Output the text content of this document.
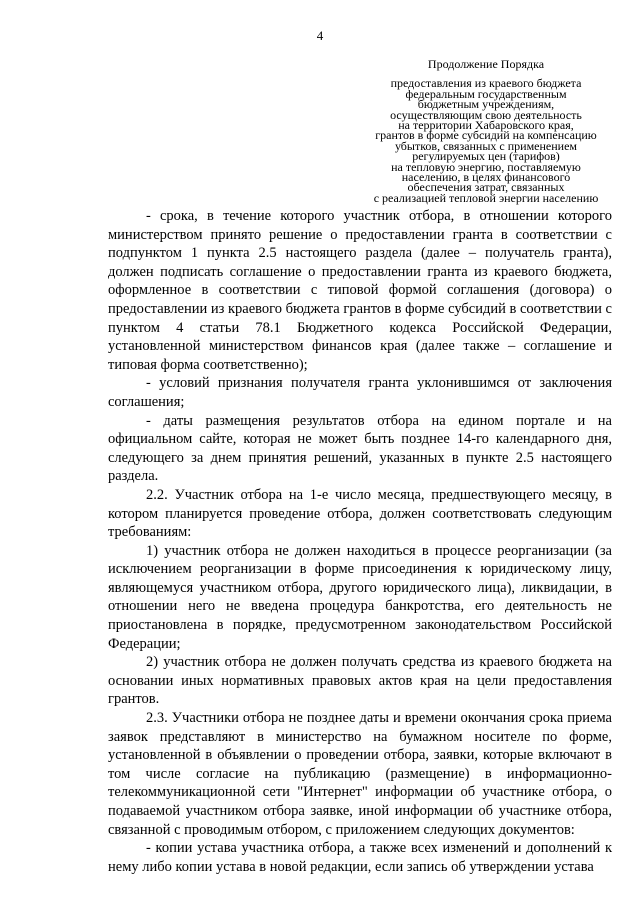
4
Продолжение Порядка
предоставления из краевого бюджета
федеральным государственным
бюджетным учреждениям,
осуществляющим свою деятельность
на территории Хабаровского края,
грантов в форме субсидий на компенсацию
убытков, связанных с применением
регулируемых цен (тарифов)
на тепловую энергию, поставляемую
населению, в целях финансового
обеспечения затрат, связанных
с реализацией тепловой энергии населению

- срока, в течение которого участник отбора, в отношении которого министерством принято решение о предоставлении гранта в соответствии с подпунктом 1 пункта 2.5 настоящего раздела (далее – получатель гранта), должен подписать соглашение о предоставлении гранта из краевого бюджета, оформленное в соответствии с типовой формой соглашения (договора) о предоставлении из краевого бюджета грантов в форме субсидий в соответствии с пунктом 4 статьи 78.1 Бюджетного кодекса Российской Федерации, установленной министерством финансов края (далее также – соглашение и типовая форма соответственно);

- условий признания получателя гранта уклонившимся от заключения соглашения;

- даты размещения результатов отбора на едином портале и на официальном сайте, которая не может быть позднее 14-го календарного дня, следующего за днем принятия решений, указанных в пункте 2.5 настоящего раздела.

2.2. Участник отбора на 1-е число месяца, предшествующего месяцу, в котором планируется проведение отбора, должен соответствовать следующим требованиям:

1) участник отбора не должен находиться в процессе реорганизации (за исключением реорганизации в форме присоединения к юридическому лицу, являющемуся участником отбора, другого юридического лица), ликвидации, в отношении него не введена процедура банкротства, его деятельность не приостановлена в порядке, предусмотренном законодательством Российской Федерации;

2) участник отбора не должен получать средства из краевого бюджета на основании иных нормативных правовых актов края на цели предоставления грантов.

2.3. Участники отбора не позднее даты и времени окончания срока приема заявок представляют в министерство на бумажном носителе по форме, установленной в объявлении о проведении отбора, заявки, которые включают в том числе согласие на публикацию (размещение) в информационно-телекоммуникационной сети "Интернет" информации об участнике отбора, о подаваемой участником отбора заявке, иной информации об участнике отбора, связанной с проводимым отбором, с приложением следующих документов:

- копии устава участника отбора, а также всех изменений и дополнений к нему либо копии устава в новой редакции, если запись об утверждении устава
